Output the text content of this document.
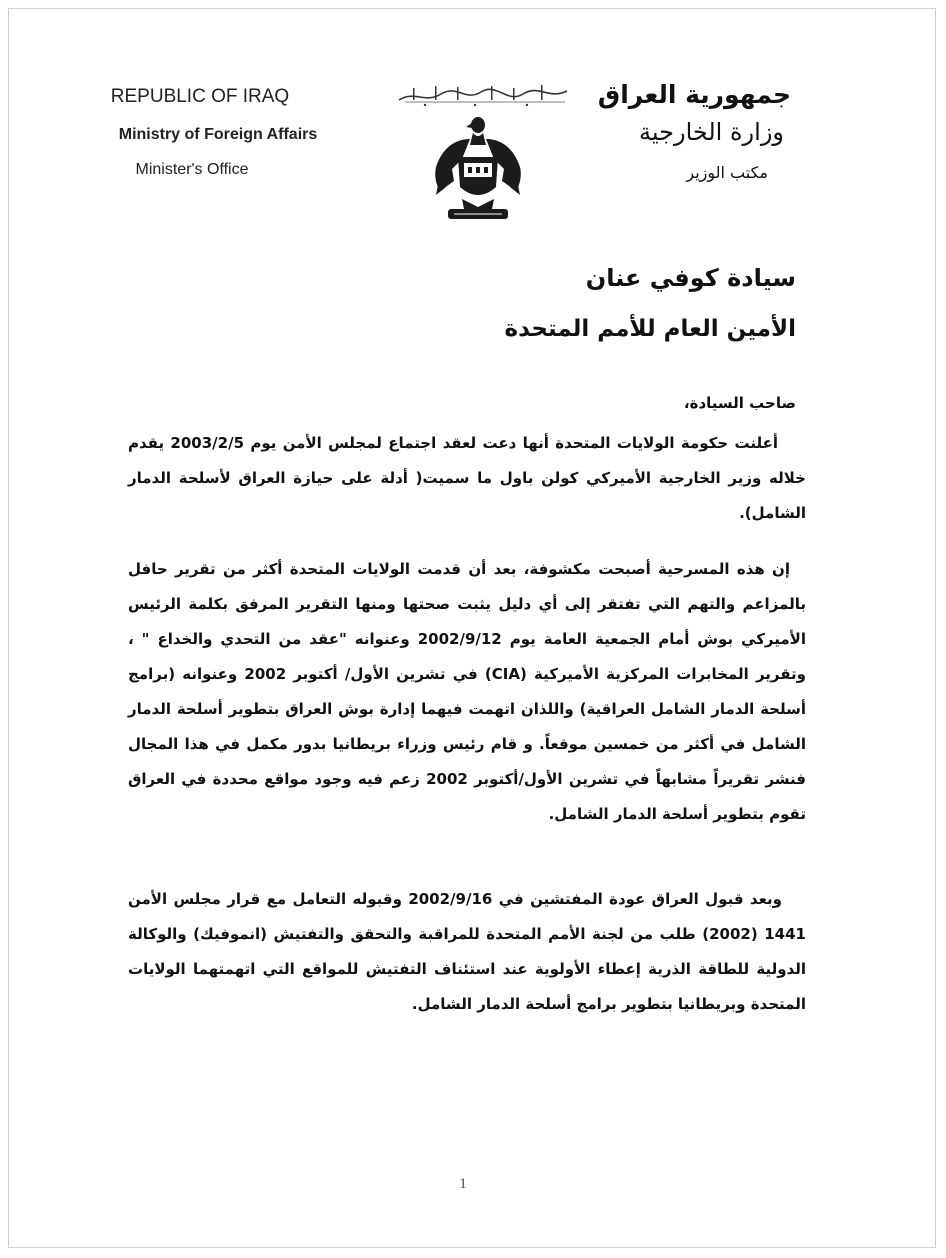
REPUBLIC OF IRAQ
Ministry of Foreign Affairs
Minister's Office
جمهورية العراق
وزارة الخارجية
مكتب الوزير
سيادة كوفي عنان
الأمين العام للأمم المتحدة
صاحب السيادة،
أعلنت حكومة الولايات المتحدة أنها دعت لعقد اجتماع لمجلس الأمن يوم 2003/2/5 يقدم خلاله وزير الخارجية الأميركي كولن باول ما سميت( أدلة على حيازة العراق لأسلحة الدمار الشامل).
إن هذه المسرحية أصبحت مكشوفة، بعد أن قدمت الولايات المتحدة أكثر من تقرير حافل بالمزاعم والتهم التي تفتقر إلى أي دليل يثبت صحتها ومنها التقرير المرفق بكلمة الرئيس الأميركي بوش أمام الجمعية العامة يوم 2002/9/12 وعنوانه "عقد من التحدي والخداع " ، وتقرير المخابرات المركزية الأميركية (CIA) في تشرين الأول/ أكتوبر 2002 وعنوانه (برامج أسلحة الدمار الشامل العراقية) واللذان اتهمت فيهما إدارة بوش العراق بتطوير أسلحة الدمار الشامل في أكثر من خمسين موقعاً. و قام رئيس وزراء بريطانيا بدور مكمل في هذا المجال فنشر تقريراً مشابهاً في تشرين الأول/أكتوبر 2002 زعم فيه وجود مواقع محددة في العراق تقوم بتطوير أسلحة الدمار الشامل.
وبعد قبول العراق عودة المفتشين في 2002/9/16 وقبوله التعامل مع قرار مجلس الأمن 1441 (2002) طلب من لجنة الأمم المتحدة للمراقبة والتحقق والتفتيش (انموفيك) والوكالة الدولية للطاقة الذرية إعطاء الأولوية عند استئناف التفتيش للمواقع التي اتهمتهما الولايات المتحدة وبريطانيا بتطوير برامج أسلحة الدمار الشامل.
1
